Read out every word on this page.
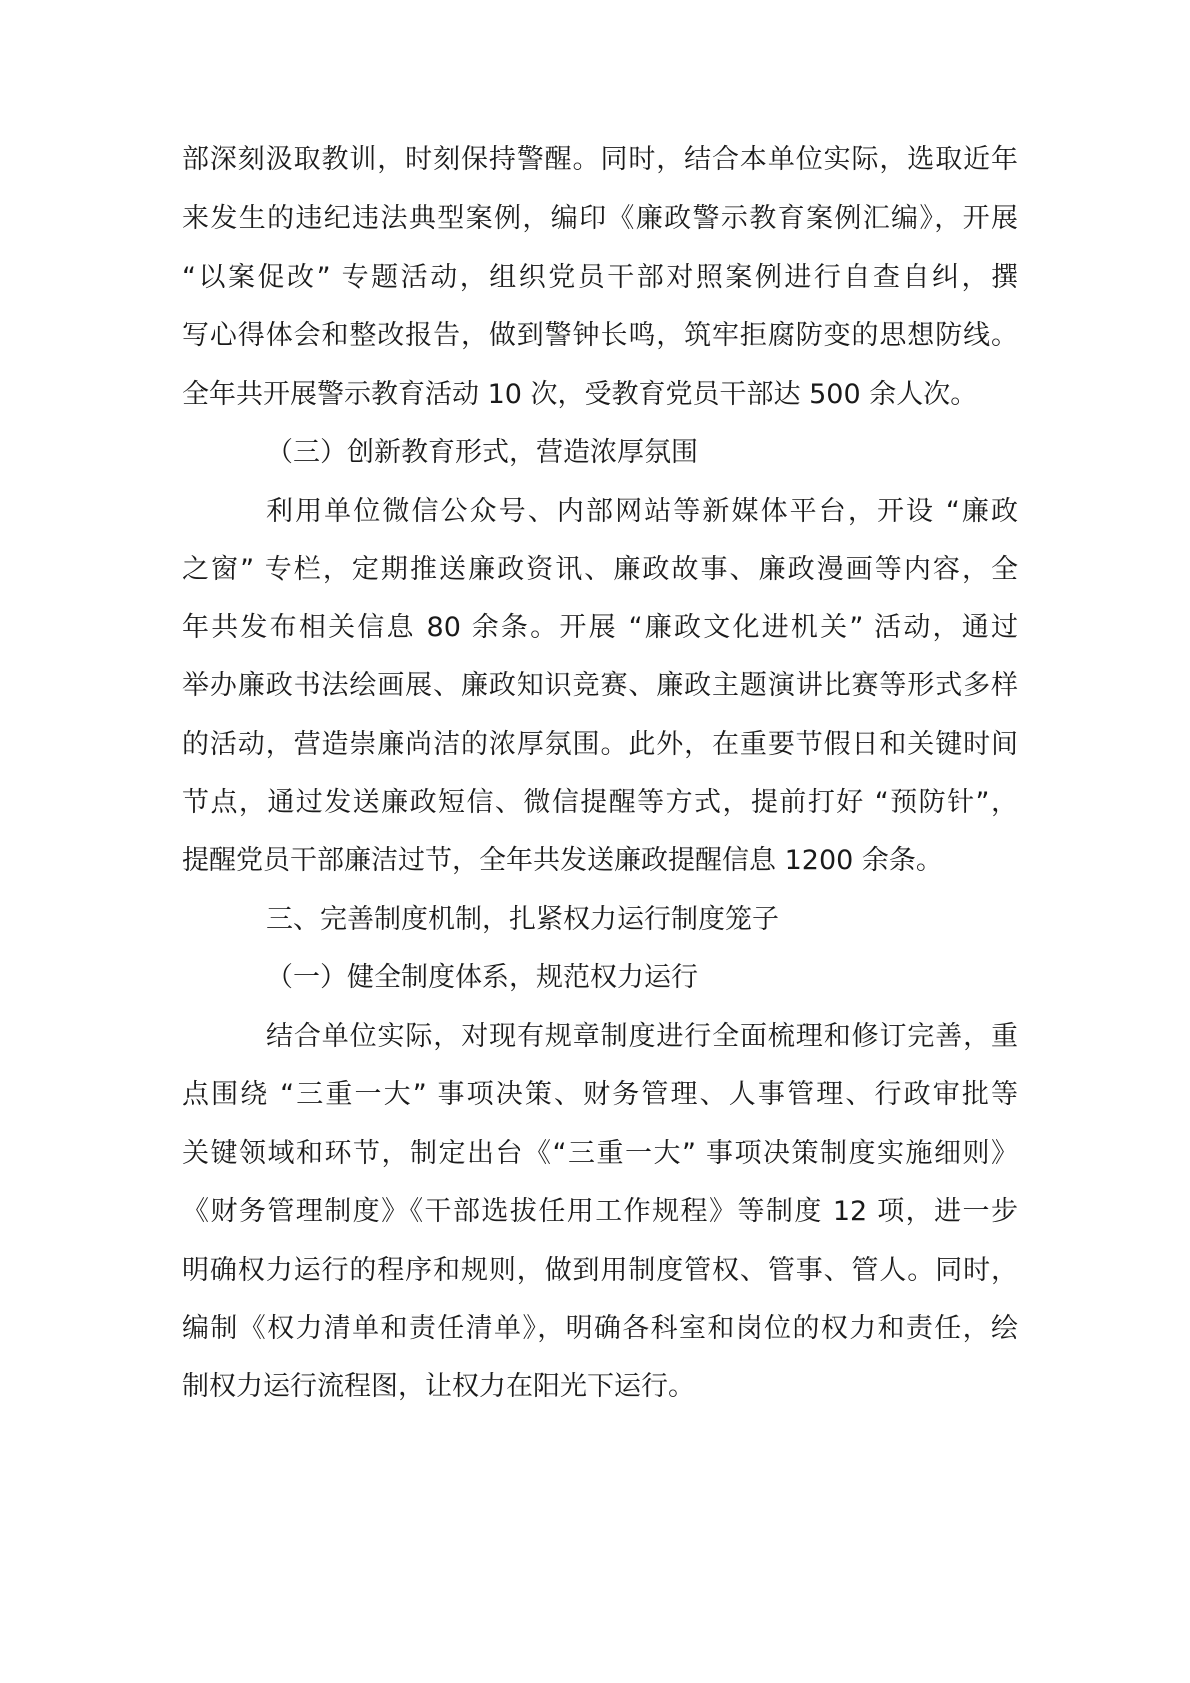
部深刻汲取教训，时刻保持警醒。同时，结合本单位实际，选取近年
来发生的违纪违法典型案例，编印《廉政警示教育案例汇编》，开展
“以案促改” 专题活动，组织党员干部对照案例进行自查自纠，撰
写心得体会和整改报告，做到警钟长鸣，筑牢拒腐防变的思想防线。
全年共开展警示教育活动 10 次，受教育党员干部达 500 余人次。
（三）创新教育形式，营造浓厚氛围
利用单位微信公众号、内部网站等新媒体平台，开设 “廉政
之窗” 专栏，定期推送廉政资讯、廉政故事、廉政漫画等内容，全
年共发布相关信息 80 余条。开展 “廉政文化进机关” 活动，通过
举办廉政书法绘画展、廉政知识竞赛、廉政主题演讲比赛等形式多样
的活动，营造崇廉尚洁的浓厚氛围。此外，在重要节假日和关键时间
节点，通过发送廉政短信、微信提醒等方式，提前打好 “预防针”，
提醒党员干部廉洁过节，全年共发送廉政提醒信息 1200 余条。
三、完善制度机制，扎紧权力运行制度笼子
（一）健全制度体系，规范权力运行
结合单位实际，对现有规章制度进行全面梳理和修订完善，重
点围绕 “三重一大” 事项决策、财务管理、人事管理、行政审批等
关键领域和环节，制定出台《“三重一大” 事项决策制度实施细则》
《财务管理制度》《干部选拔任用工作规程》等制度 12 项，进一步
明确权力运行的程序和规则，做到用制度管权、管事、管人。同时，
编制《权力清单和责任清单》，明确各科室和岗位的权力和责任，绘
制权力运行流程图，让权力在阳光下运行。
